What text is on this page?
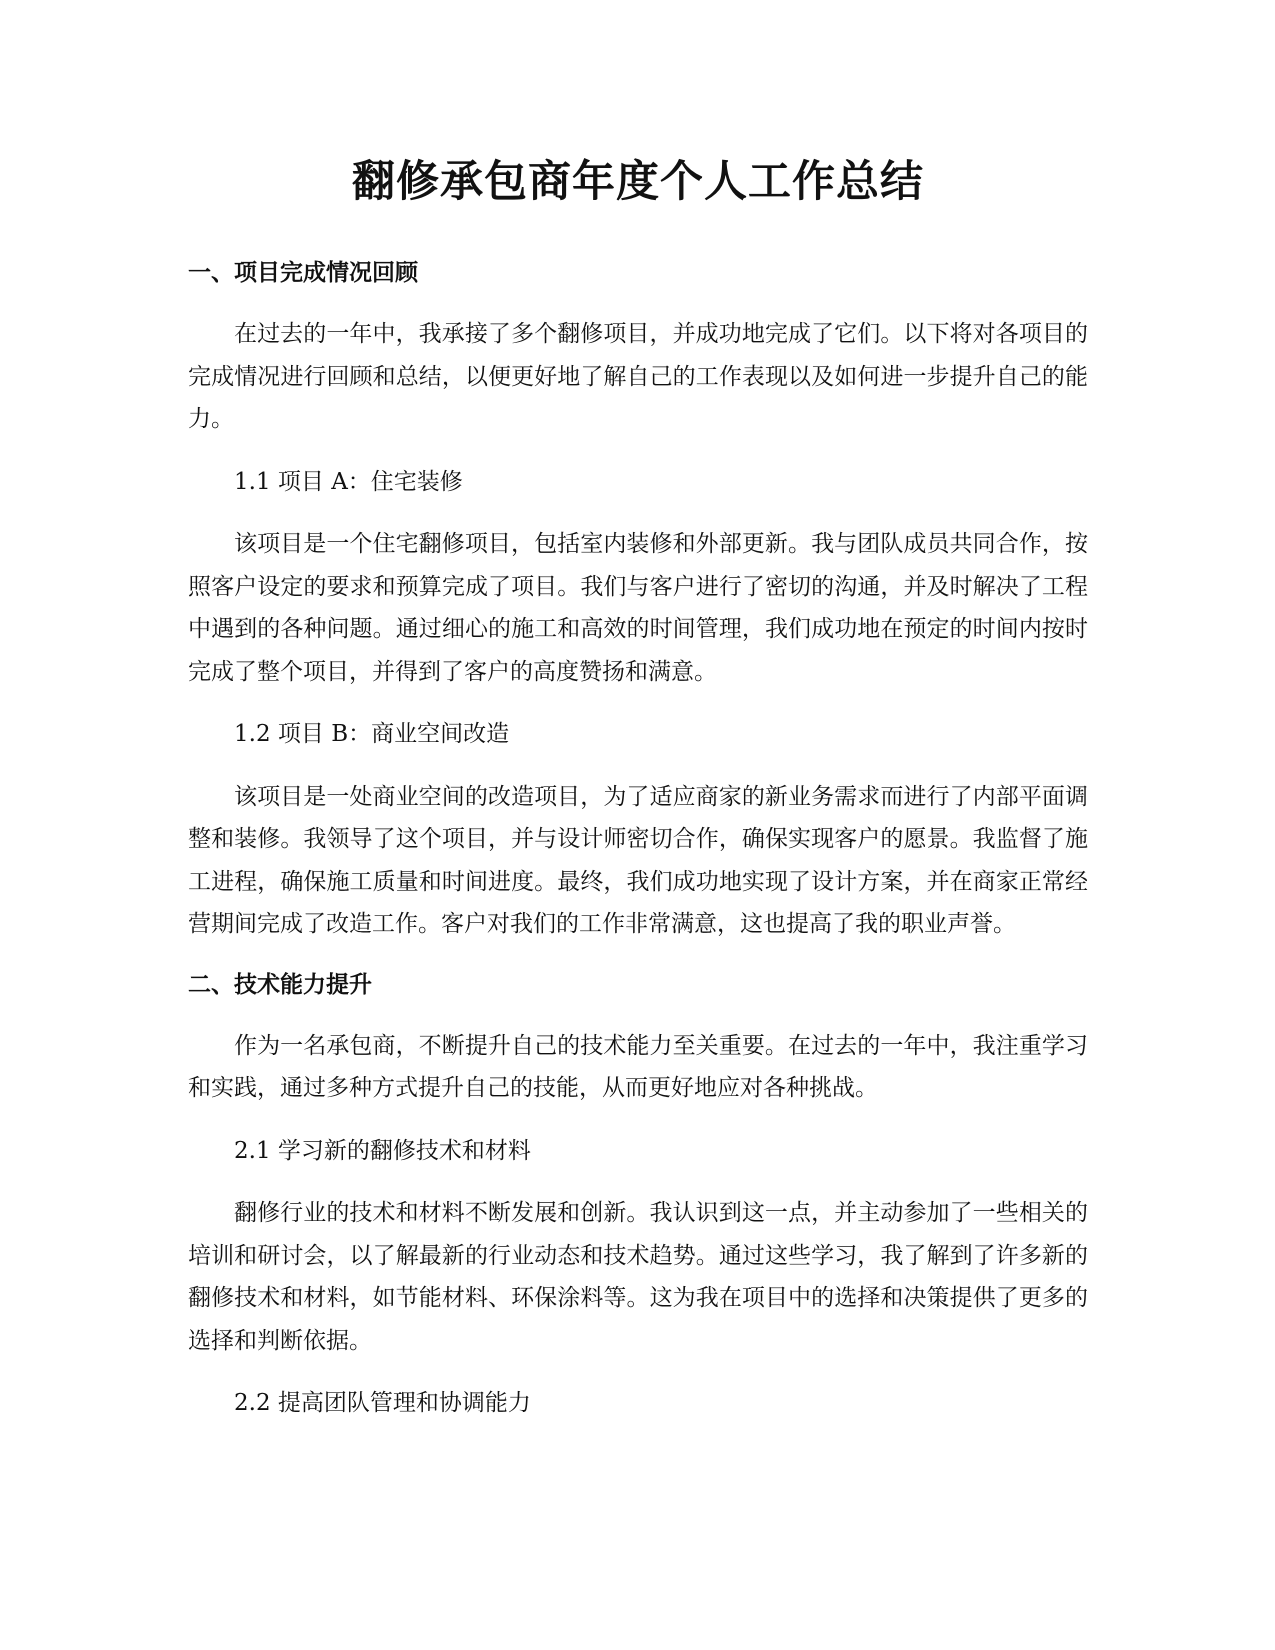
翻修承包商年度个人工作总结
一、项目完成情况回顾

在过去的一年中，我承接了多个翻修项目，并成功地完成了它们。以下将对各项目的完成情况进行回顾和总结，以便更好地了解自己的工作表现以及如何进一步提升自己的能力。

1.1 项目 A：住宅装修

该项目是一个住宅翻修项目，包括室内装修和外部更新。我与团队成员共同合作，按照客户设定的要求和预算完成了项目。我们与客户进行了密切的沟通，并及时解决了工程中遇到的各种问题。通过细心的施工和高效的时间管理，我们成功地在预定的时间内按时完成了整个项目，并得到了客户的高度赞扬和满意。

1.2 项目 B：商业空间改造

该项目是一处商业空间的改造项目，为了适应商家的新业务需求而进行了内部平面调整和装修。我领导了这个项目，并与设计师密切合作，确保实现客户的愿景。我监督了施工进程，确保施工质量和时间进度。最终，我们成功地实现了设计方案，并在商家正常经营期间完成了改造工作。客户对我们的工作非常满意，这也提高了我的职业声誉。

二、技术能力提升

作为一名承包商，不断提升自己的技术能力至关重要。在过去的一年中，我注重学习和实践，通过多种方式提升自己的技能，从而更好地应对各种挑战。

2.1 学习新的翻修技术和材料

翻修行业的技术和材料不断发展和创新。我认识到这一点，并主动参加了一些相关的培训和研讨会，以了解最新的行业动态和技术趋势。通过这些学习，我了解到了许多新的翻修技术和材料，如节能材料、环保涂料等。这为我在项目中的选择和决策提供了更多的选择和判断依据。

2.2 提高团队管理和协调能力
